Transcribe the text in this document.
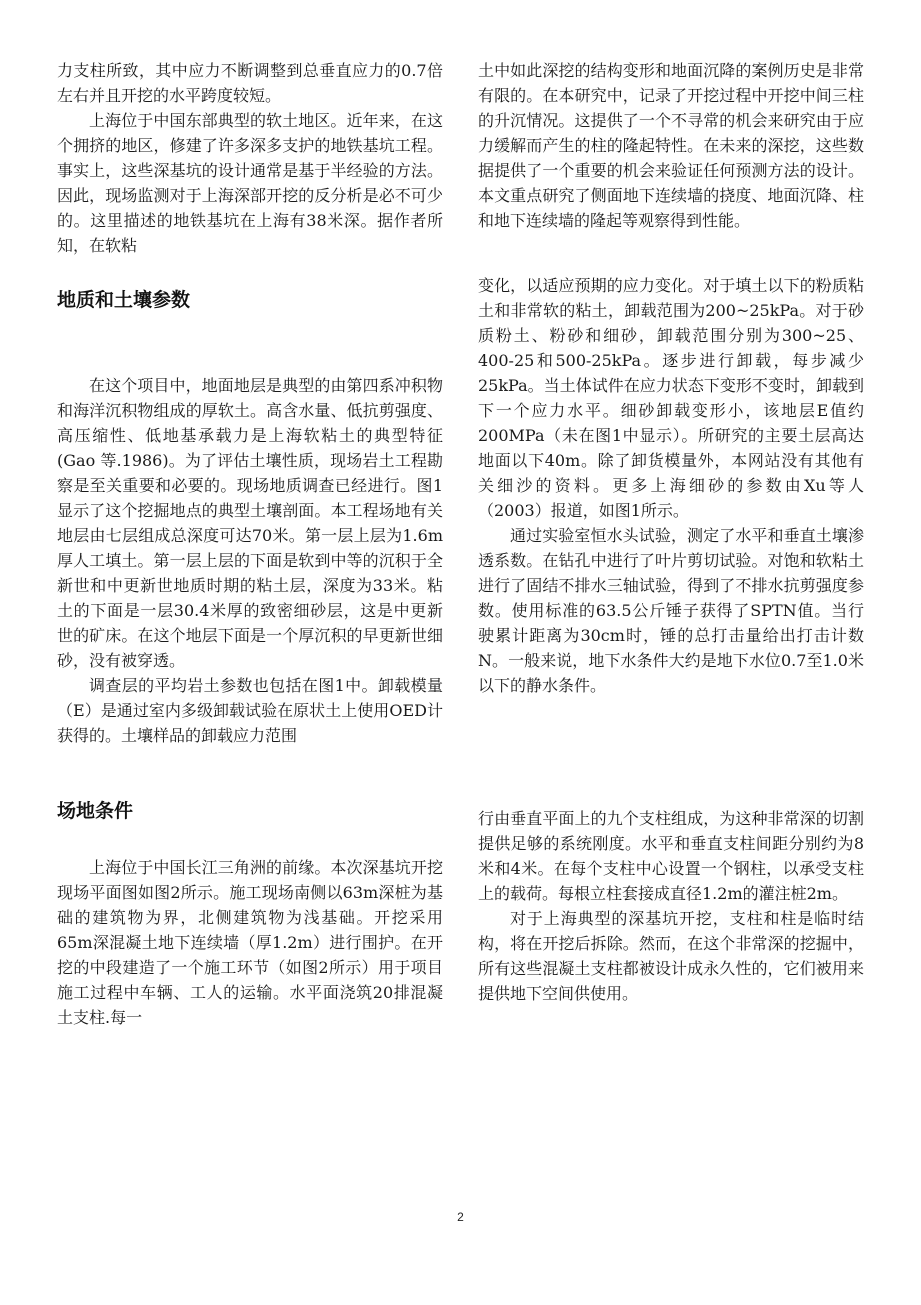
力支柱所致，其中应力不断调整到总垂直应力的0.7倍左右并且开挖的水平跨度较短。

上海位于中国东部典型的软土地区。近年来，在这个拥挤的地区，修建了许多深多支护的地铁基坑工程。事实上，这些深基坑的设计通常是基于半经验的方法。因此，现场监测对于上海深部开挖的反分析是必不可少的。这里描述的地铁基坑在上海有38米深。据作者所知，在软粘

土中如此深挖的结构变形和地面沉降的案例历史是非常有限的。在本研究中，记录了开挖过程中开挖中间三柱的升沉情况。这提供了一个不寻常的机会来研究由于应力缓解而产生的柱的隆起特性。在未来的深挖，这些数据提供了一个重要的机会来验证任何预测方法的设计。本文重点研究了侧面地下连续墙的挠度、地面沉降、柱和地下连续墙的隆起等观察得到性能。

地质和土壤参数

在这个项目中，地面地层是典型的由第四系冲积物和海洋沉积物组成的厚软土。高含水量、低抗剪强度、高压缩性、低地基承载力是上海软粘土的典型特征(Gao 等.1986)。为了评估土壤性质，现场岩土工程勘察是至关重要和必要的。现场地质调查已经进行。图1显示了这个挖掘地点的典型土壤剖面。本工程场地有关地层由七层组成总深度可达70米。第一层上层为1.6m厚人工填土。第一层上层的下面是软到中等的沉积于全新世和中更新世地质时期的粘土层，深度为33米。粘土的下面是一层30.4米厚的致密细砂层，这是中更新世的矿床。在这个地层下面是一个厚沉积的早更新世细砂，没有被穿透。

调查层的平均岩土参数也包括在图1中。卸载模量（E）是通过室内多级卸载试验在原状土上使用OED计获得的。土壤样品的卸载应力范围

变化，以适应预期的应力变化。对于填土以下的粉质粘土和非常软的粘土，卸载范围为200~25kPa。对于砂质粉土、粉砂和细砂，卸载范围分别为300~25、400-25和500-25kPa。逐步进行卸载，每步减少25kPa。当土体试件在应力状态下变形不变时，卸载到下一个应力水平。细砂卸载变形小，该地层E值约200MPa（未在图1中显示）。所研究的主要土层高达地面以下40m。除了卸货模量外，本网站没有其他有关细沙的资料。更多上海细砂的参数由Xu等人（2003）报道，如图1所示。

通过实验室恒水头试验，测定了水平和垂直土壤渗透系数。在钻孔中进行了叶片剪切试验。对饱和软粘土进行了固结不排水三轴试验，得到了不排水抗剪强度参数。使用标准的63.5公斤锤子获得了SPTN值。当行驶累计距离为30cm时，锤的总打击量给出打击计数N。一般来说，地下水条件大约是地下水位0.7至1.0米以下的静水条件。

场地条件

上海位于中国长江三角洲的前缘。本次深基坑开挖现场平面图如图2所示。施工现场南侧以63m深桩为基础的建筑物为界，北侧建筑物为浅基础。开挖采用65m深混凝土地下连续墙（厚1.2m）进行围护。在开挖的中段建造了一个施工环节（如图2所示）用于项目施工过程中车辆、工人的运输。水平面浇筑20排混凝土支柱.每一

行由垂直平面上的九个支柱组成，为这种非常深的切割提供足够的系统刚度。水平和垂直支柱间距分别约为8米和4米。在每个支柱中心设置一个钢柱，以承受支柱上的载荷。每根立柱套接成直径1.2m的灌注桩2m。

对于上海典型的深基坑开挖，支柱和柱是临时结构，将在开挖后拆除。然而，在这个非常深的挖掘中，所有这些混凝土支柱都被设计成永久性的，它们被用来提供地下空间供使用。

2
